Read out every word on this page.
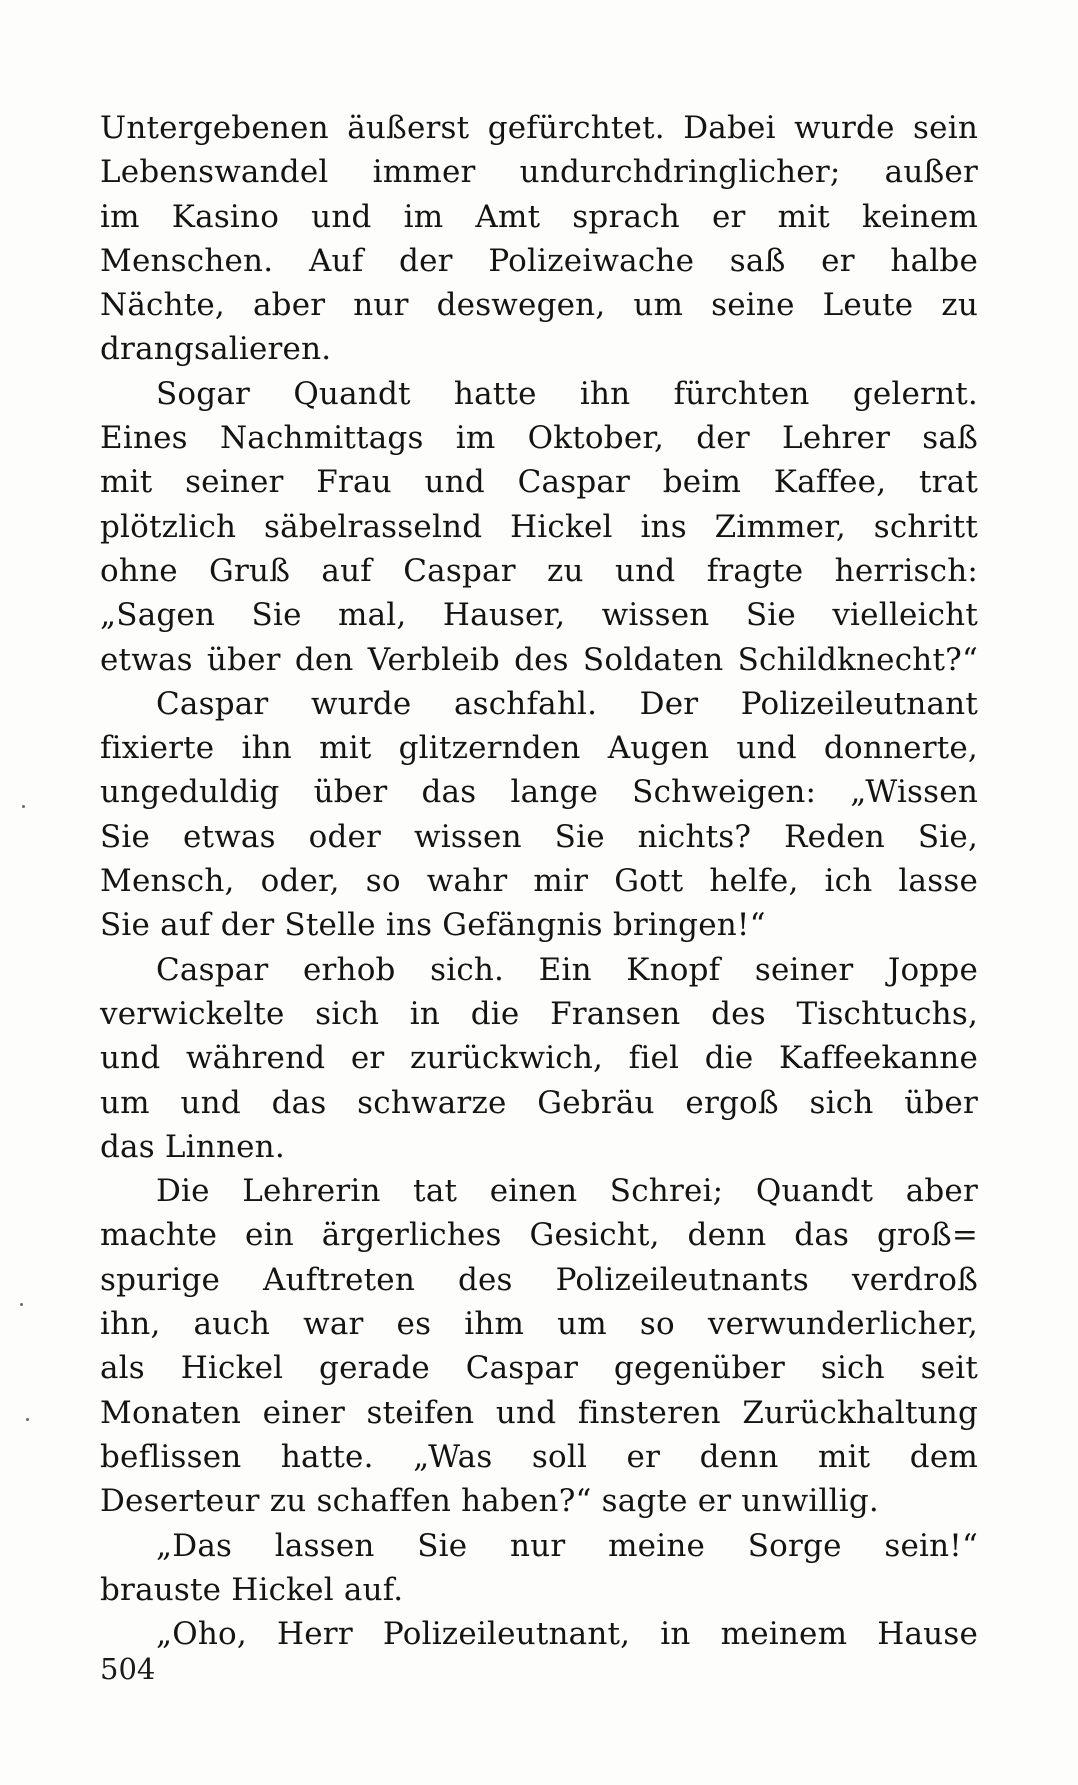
Untergebenen äußerst gefürchtet. Dabei wurde sein
Lebenswandel immer undurchdringlicher; außer
im Kasino und im Amt sprach er mit keinem
Menschen. Auf der Polizeiwache saß er halbe
Nächte, aber nur deswegen, um seine Leute zu
drangsalieren.
Sogar Quandt hatte ihn fürchten gelernt.
Eines Nachmittags im Oktober, der Lehrer saß
mit seiner Frau und Caspar beim Kaffee, trat
plötzlich säbelrasselnd Hickel ins Zimmer, schritt
ohne Gruß auf Caspar zu und fragte herrisch:
„Sagen Sie mal, Hauser, wissen Sie vielleicht
etwas über den Verbleib des Soldaten Schildknecht?“
Caspar wurde aschfahl. Der Polizeileutnant
fixierte ihn mit glitzernden Augen und donnerte,
ungeduldig über das lange Schweigen: „Wissen
Sie etwas oder wissen Sie nichts? Reden Sie,
Mensch, oder, so wahr mir Gott helfe, ich lasse
Sie auf der Stelle ins Gefängnis bringen!“
Caspar erhob sich. Ein Knopf seiner Joppe
verwickelte sich in die Fransen des Tischtuchs,
und während er zurückwich, fiel die Kaffeekanne
um und das schwarze Gebräu ergoß sich über
das Linnen.
Die Lehrerin tat einen Schrei; Quandt aber
machte ein ärgerliches Gesicht, denn das groß=
spurige Auftreten des Polizeileutnants verdroß
ihn, auch war es ihm um so verwunderlicher,
als Hickel gerade Caspar gegenüber sich seit
Monaten einer steifen und finsteren Zurückhaltung
beflissen hatte. „Was soll er denn mit dem
Deserteur zu schaffen haben?“ sagte er unwillig.
„Das lassen Sie nur meine Sorge sein!“
brauste Hickel auf.
„Oho, Herr Polizeileutnant, in meinem Hause
504
